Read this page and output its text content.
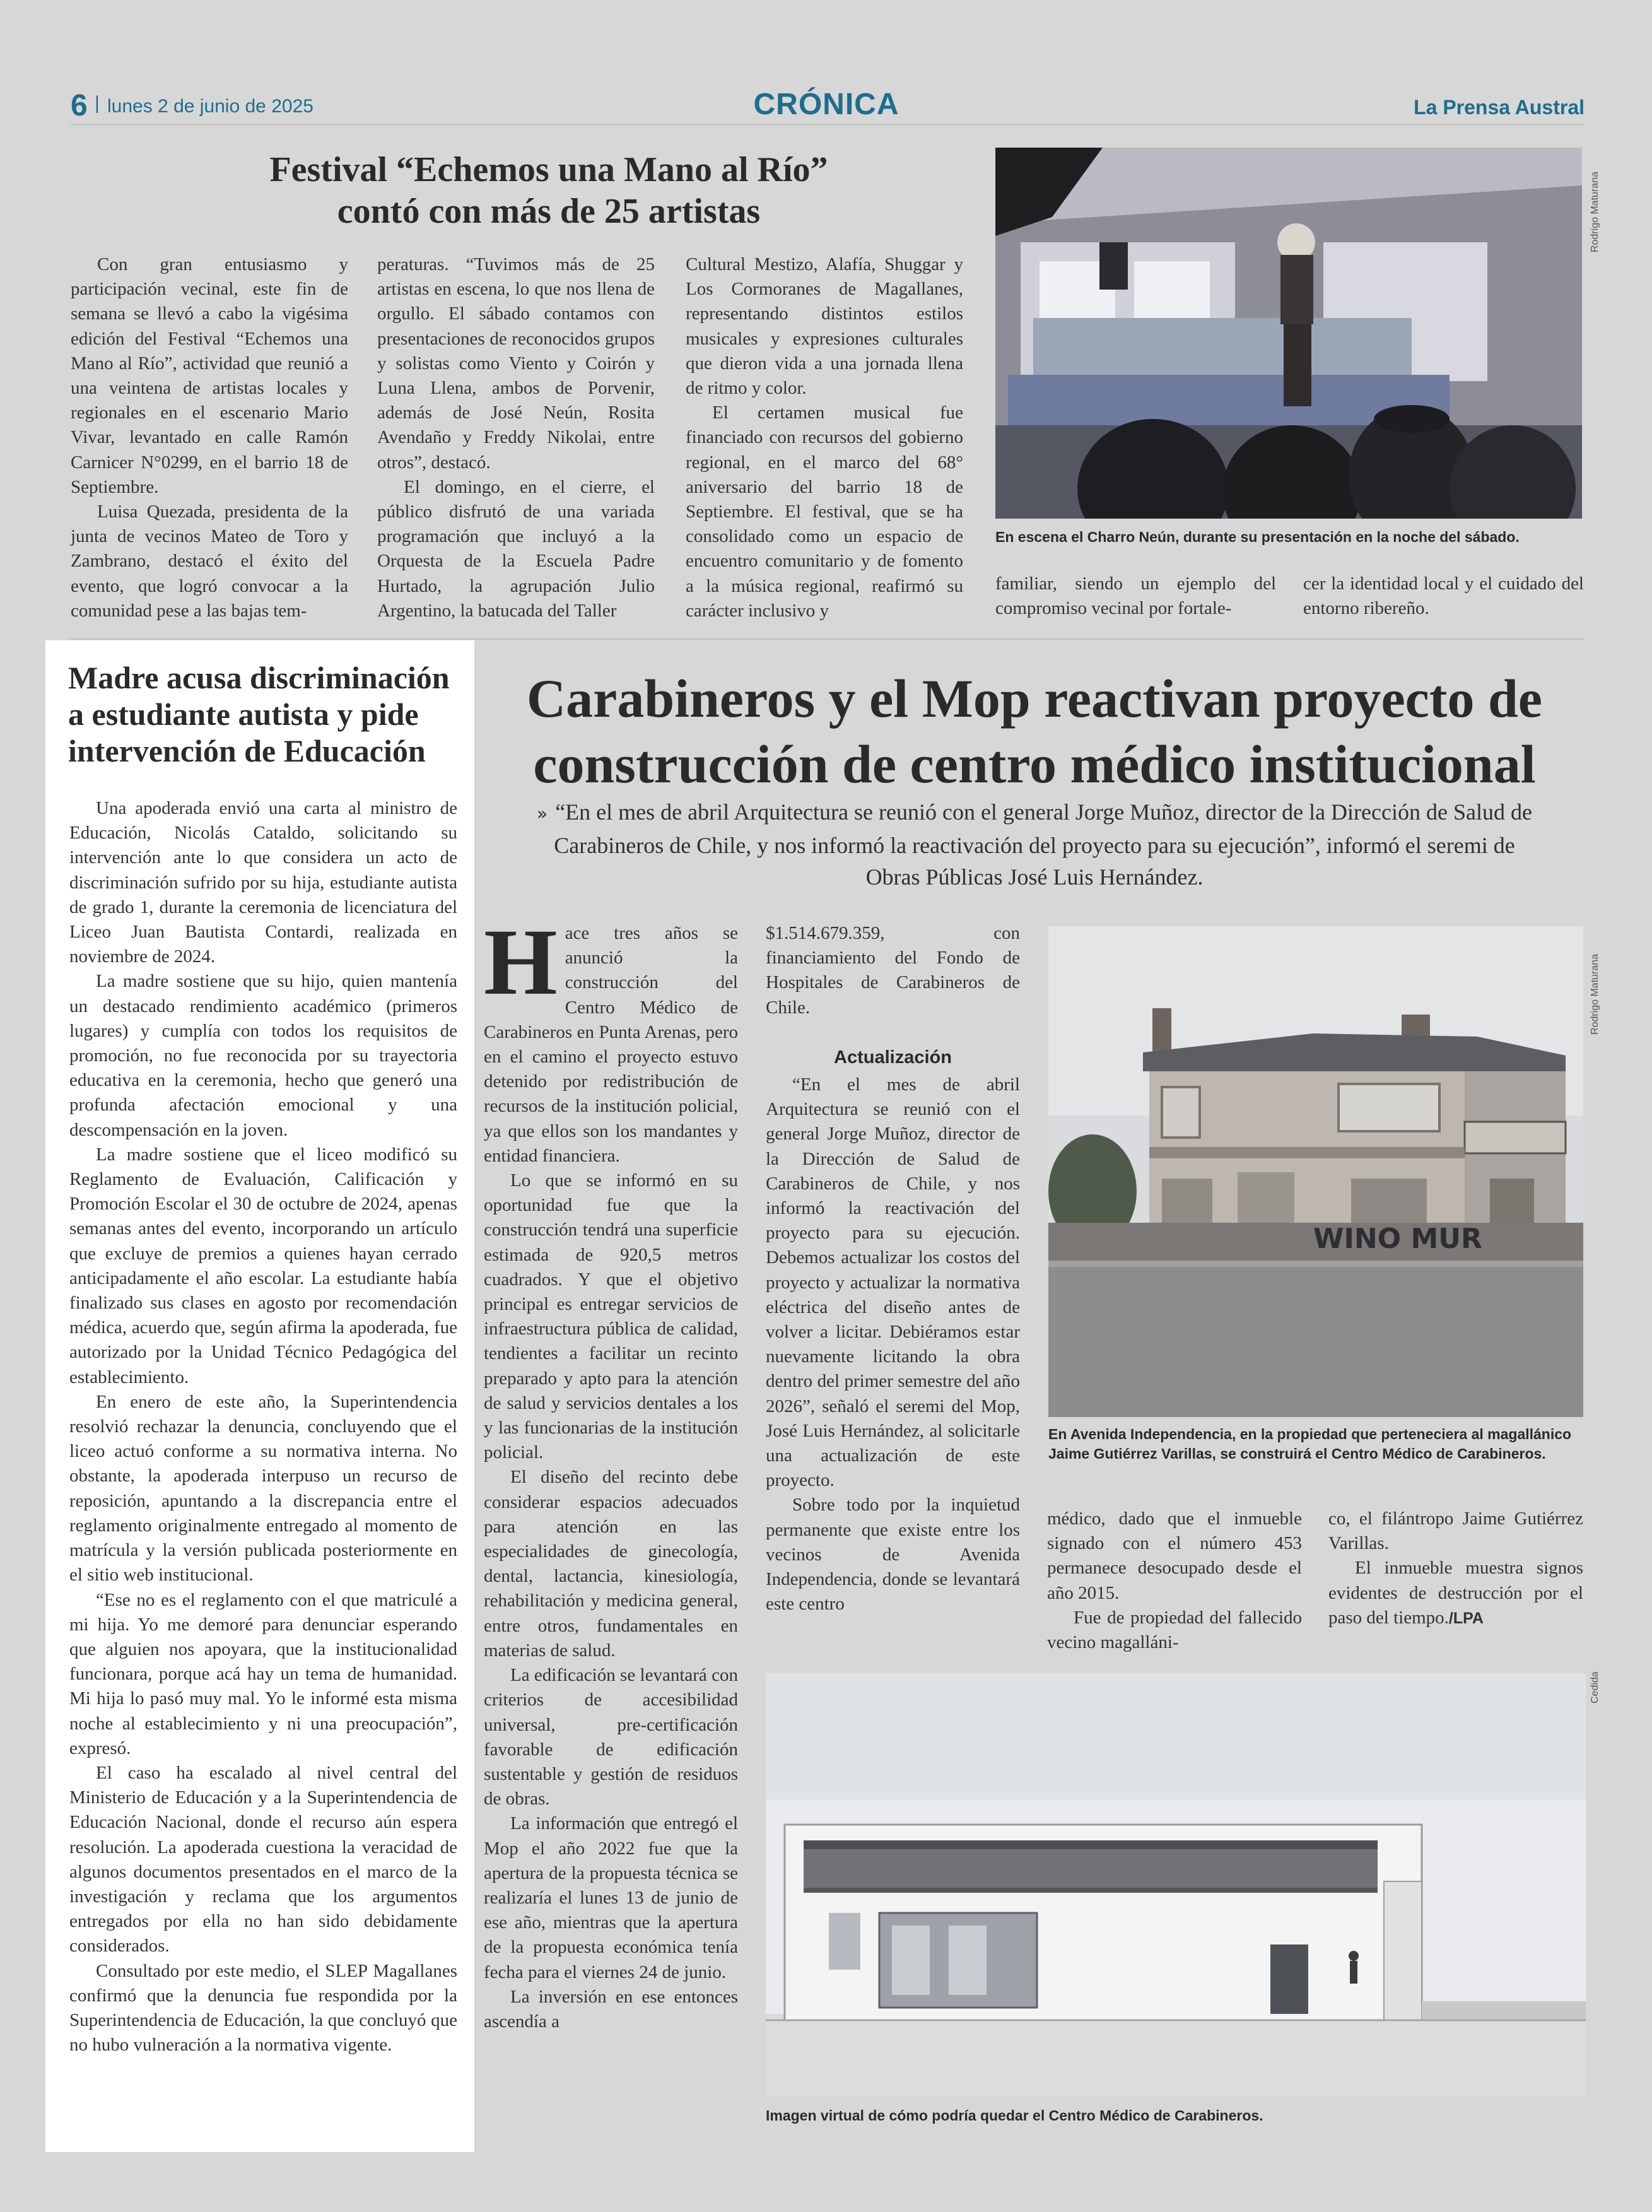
6 | lunes 2 de junio de 2025	CRÓNICA	La Prensa Austral
Festival “Echemos una Mano al Río”
contó con más de 25 artistas

Con gran entusiasmo y participación vecinal, este fin de semana se llevó a cabo la vigésima edición del Festival “Echemos una Mano al Río”, actividad que reunió a una veintena de artistas locales y regionales en el escenario Mario Vivar, levantado en calle Ramón Carnicer N°0299, en el barrio 18 de Septiembre.

Luisa Quezada, presidenta de la junta de vecinos Mateo de Toro y Zambrano, destacó el éxito del evento, que logró convocar a la comunidad pese a las bajas tem-

peraturas. “Tuvimos más de 25 artistas en escena, lo que nos llena de orgullo. El sábado contamos con presentaciones de reconocidos grupos y solistas como Viento y Coirón y Luna Llena, ambos de Porvenir, además de José Neún, Rosita Avendaño y Freddy Nikolai, entre otros”, destacó.

El domingo, en el cierre, el público disfrutó de una variada programación que incluyó a la Orquesta de la Escuela Padre Hurtado, la agrupación Julio Argentino, la batucada del Taller

Cultural Mestizo, Alafía, Shuggar y Los Cormoranes de Magallanes, representando distintos estilos musicales y expresiones culturales que dieron vida a una jornada llena de ritmo y color.

El certamen musical fue financiado con recursos del gobierno regional, en el marco del 68° aniversario del barrio 18 de Septiembre. El festival, que se ha consolidado como un espacio de encuentro comunitario y de fomento a la música regional, reafirmó su carácter inclusivo y

Rodrigo Maturana
En escena el Charro Neún, durante su presentación en la noche del sábado.

familiar, siendo un ejemplo del compromiso vecinal por fortale-

cer la identidad local y el cuidado del entorno ribereño.

Madre acusa discriminación a estudiante autista y pide intervención de Educación

Una apoderada envió una carta al ministro de Educación, Nicolás Cataldo, solicitando su intervención ante lo que considera un acto de discriminación sufrido por su hija, estudiante autista de grado 1, durante la ceremonia de licenciatura del Liceo Juan Bautista Contardi, realizada en noviembre de 2024.

La madre sostiene que su hijo, quien mantenía un destacado rendimiento académico (primeros lugares) y cumplía con todos los requisitos de promoción, no fue reconocida por su trayectoria educativa en la ceremonia, hecho que generó una profunda afectación emocional y una descompensación en la joven.

La madre sostiene que el liceo modificó su Reglamento de Evaluación, Calificación y Promoción Escolar el 30 de octubre de 2024, apenas semanas antes del evento, incorporando un artículo que excluye de premios a quienes hayan cerrado anticipadamente el año escolar. La estudiante había finalizado sus clases en agosto por recomendación médica, acuerdo que, según afirma la apoderada, fue autorizado por la Unidad Técnico Pedagógica del establecimiento.

En enero de este año, la Superintendencia resolvió rechazar la denuncia, concluyendo que el liceo actuó conforme a su normativa interna. No obstante, la apoderada interpuso un recurso de reposición, apuntando a la discrepancia entre el reglamento originalmente entregado al momento de matrícula y la versión publicada posteriormente en el sitio web institucional.

“Ese no es el reglamento con el que matriculé a mi hija. Yo me demoré para denunciar esperando que alguien nos apoyara, que la institucionalidad funcionara, porque acá hay un tema de humanidad. Mi hija lo pasó muy mal. Yo le informé esta misma noche al establecimiento y ni una preocupación”, expresó.

El caso ha escalado al nivel central del Ministerio de Educación y a la Superintendencia de Educación Nacional, donde el recurso aún espera resolución. La apoderada cuestiona la veracidad de algunos documentos presentados en el marco de la investigación y reclama que los argumentos entregados por ella no han sido debidamente considerados.

Consultado por este medio, el SLEP Magallanes confirmó que la denuncia fue respondida por la Superintendencia de Educación, la que concluyó que no hubo vulneración a la normativa vigente.

Carabineros y el Mop reactivan proyecto de construcción de centro médico institucional
» “En el mes de abril Arquitectura se reunió con el general Jorge Muñoz, director de la Dirección de Salud de Carabineros de Chile, y nos informó la reactivación del proyecto para su ejecución”, informó el seremi de Obras Públicas José Luis Hernández.

Hace tres años se anunció la construcción del Centro Médico de Carabineros en Punta Arenas, pero en el camino el proyecto estuvo detenido por redistribución de recursos de la institución policial, ya que ellos son los mandantes y entidad financiera.

Lo que se informó en su oportunidad fue que la construcción tendrá una superficie estimada de 920,5 metros cuadrados. Y que el objetivo principal es entregar servicios de infraestructura pública de calidad, tendientes a facilitar un recinto preparado y apto para la atención de salud y servicios dentales a los y las funcionarias de la institución policial.

El diseño del recinto debe considerar espacios adecuados para atención en las especialidades de ginecología, dental, lactancia, kinesiología, rehabilitación y medicina general, entre otros, fundamentales en materias de salud.

La edificación se levantará con criterios de accesibilidad universal, pre-certificación favorable de edificación sustentable y gestión de residuos de obras.

La información que entregó el Mop el año 2022 fue que la apertura de la propuesta técnica se realizaría el lunes 13 de junio de ese año, mientras que la apertura de la propuesta económica tenía fecha para el viernes 24 de junio.

La inversión en ese entonces ascendía a

$1.514.679.359, con financiamiento del Fondo de Hospitales de Carabineros de Chile.

Actualización

“En el mes de abril Arquitectura se reunió con el general Jorge Muñoz, director de la Dirección de Salud de Carabineros de Chile, y nos informó la reactivación del proyecto para su ejecución. Debemos actualizar los costos del proyecto y actualizar la normativa eléctrica del diseño antes de volver a licitar. Debiéramos estar nuevamente licitando la obra dentro del primer semestre del año 2026”, señaló el seremi del Mop, José Luis Hernández, al solicitarle una actualización de este proyecto.

Sobre todo por la inquietud permanente que existe entre los vecinos de Avenida Independencia, donde se levantará este centro

WINO MUR
Rodrigo Maturana
En Avenida Independencia, en la propiedad que perteneciera al magallánico Jaime Gutiérrez Varillas, se construirá el Centro Médico de Carabineros.

médico, dado que el inmueble signado con el número 453 permanece desocupado desde el año 2015.

Fue de propiedad del fallecido vecino magalláni-

co, el filántropo Jaime Gutiérrez Varillas.

El inmueble muestra signos evidentes de destrucción por el paso del tiempo./LPA

Cedida
Imagen virtual de cómo podría quedar el Centro Médico de Carabineros.
